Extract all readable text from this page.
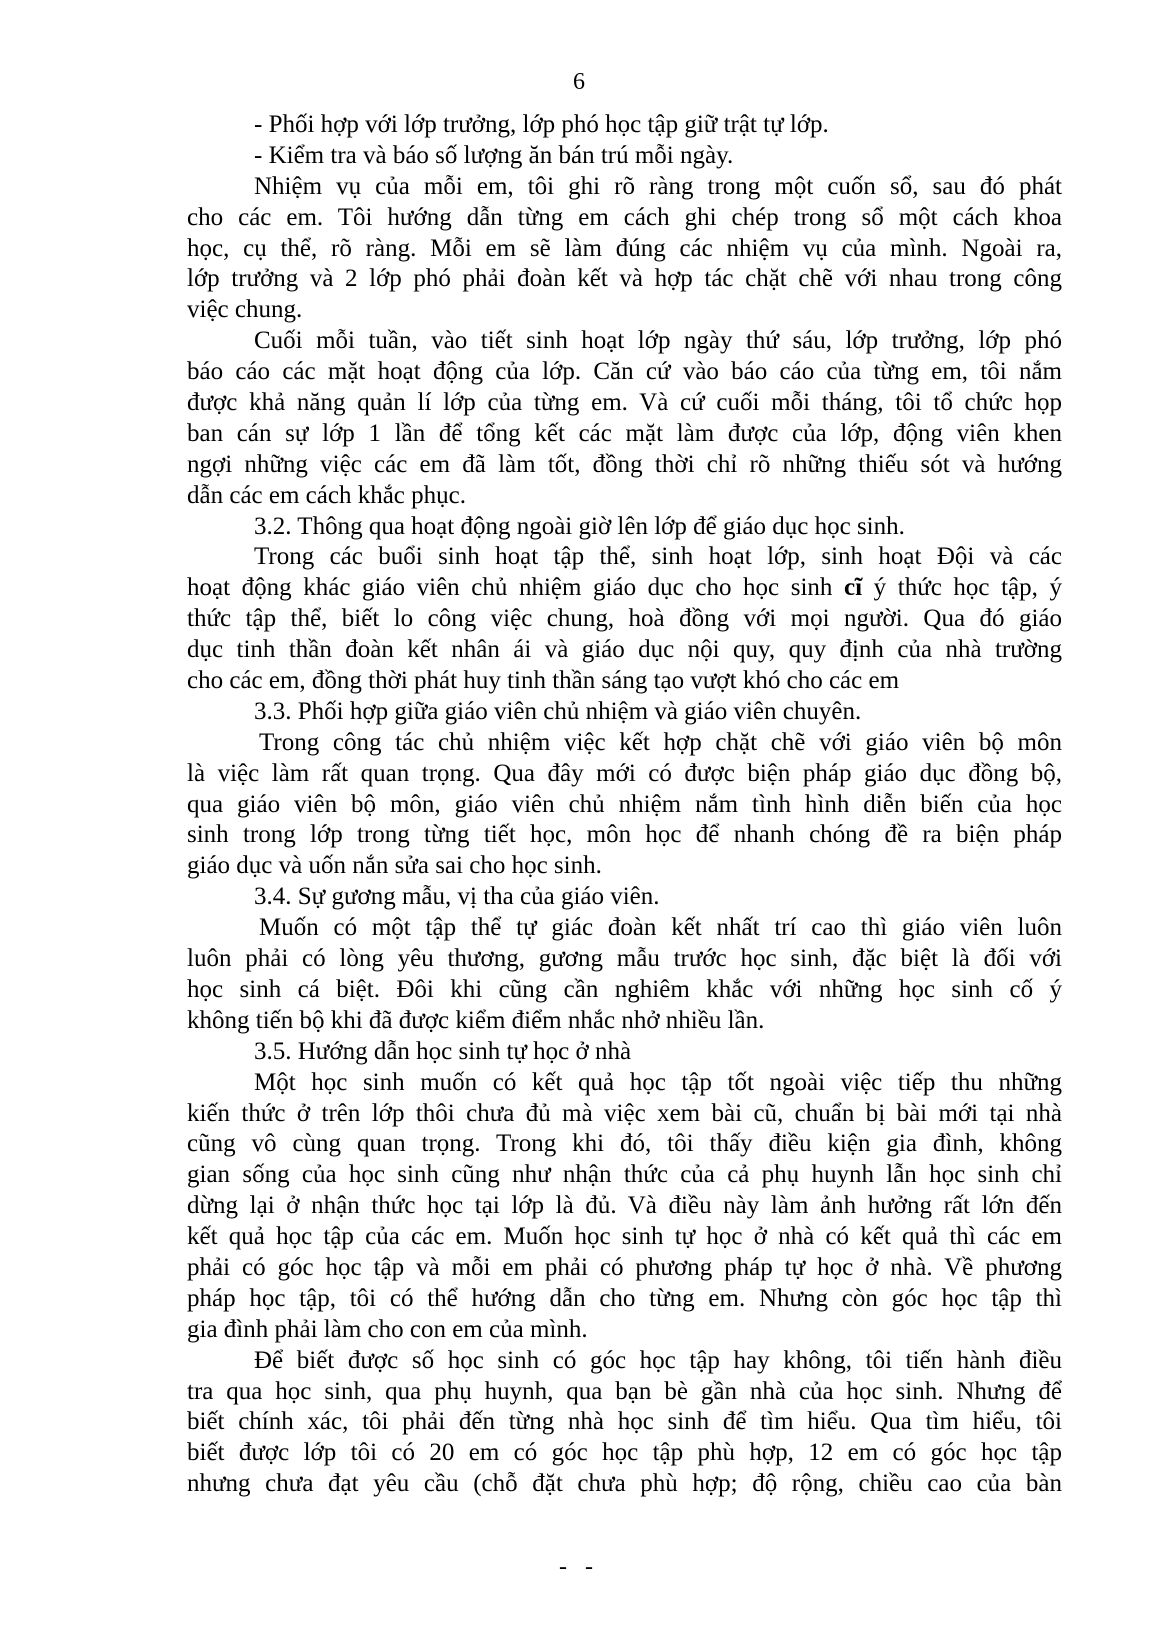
6
- Phối hợp với lớp trưởng, lớp phó học tập giữ trật tự lớp.
- Kiểm tra và báo số lượng ăn bán trú mỗi ngày.
Nhiệm vụ của mỗi em, tôi ghi rõ ràng trong một cuốn sổ, sau đó phát
cho các em. Tôi hướng dẫn từng em cách ghi chép trong sổ một cách khoa
học, cụ thể, rõ ràng. Mỗi em sẽ làm đúng các nhiệm vụ của mình. Ngoài ra,
lớp trưởng và 2 lớp phó phải đoàn kết và hợp tác chặt chẽ với nhau trong công
việc chung.
Cuối mỗi tuần, vào tiết sinh hoạt lớp ngày thứ sáu, lớp trưởng, lớp phó
báo cáo các mặt hoạt động của lớp. Căn cứ vào báo cáo của từng em, tôi nắm
được khả năng quản lí lớp của từng em. Và cứ cuối mỗi tháng, tôi tổ chức họp
ban cán sự lớp 1 lần để tổng kết các mặt làm được của lớp, động viên khen
ngợi những việc các em đã làm tốt, đồng thời chỉ rõ những thiếu sót và hướng
dẫn các em cách khắc phục.
3.2. Thông qua hoạt động ngoài giờ lên lớp để giáo dục học sinh.
Trong các buổi sinh hoạt tập thể, sinh hoạt lớp, sinh hoạt Đội và các
hoạt động khác giáo viên chủ nhiệm giáo dục cho học sinh cĩ ý thức học tập, ý
thức tập thể, biết lo công việc chung, hoà đồng với mọi người. Qua đó giáo
dục tinh thần đoàn kết nhân ái và giáo dục nội quy, quy định của nhà trường
cho các em, đồng thời phát huy tinh thần sáng tạo vượt khó cho các em
3.3. Phối hợp giữa giáo viên chủ nhiệm và giáo viên chuyên.
Trong công tác chủ nhiệm việc kết hợp chặt chẽ với giáo viên bộ môn
là việc làm rất quan trọng. Qua đây mới có được biện pháp giáo dục đồng bộ,
qua giáo viên bộ môn, giáo viên chủ nhiệm nắm tình hình diễn biến của học
sinh trong lớp trong từng tiết học, môn học để nhanh chóng đề ra biện pháp
giáo dục và uốn nắn sửa sai cho học sinh.
3.4. Sự gương mẫu, vị tha của giáo viên.
Muốn có một tập thể tự giác đoàn kết nhất trí cao thì giáo viên luôn
luôn phải có lòng yêu thương, gương mẫu trước học sinh, đặc biệt là đối với
học sinh cá biệt. Đôi khi cũng cần nghiêm khắc với những học sinh cố ý
không tiến bộ khi đã được kiểm điểm nhắc nhở nhiều lần.
3.5. Hướng dẫn học sinh tự học ở nhà
Một học sinh muốn có kết quả học tập tốt ngoài việc tiếp thu những
kiến thức ở trên lớp thôi chưa đủ mà việc xem bài cũ, chuẩn bị bài mới tại nhà
cũng vô cùng quan trọng. Trong khi đó, tôi thấy điều kiện gia đình, không
gian sống của học sinh cũng như nhận thức của cả phụ huynh lẫn học sinh chỉ
dừng lại ở nhận thức học tại lớp là đủ. Và điều này làm ảnh hưởng rất lớn đến
kết quả học tập của các em. Muốn học sinh tự học ở nhà có kết quả thì các em
phải có góc học tập và mỗi em phải có phương pháp tự học ở nhà. Về phương
pháp học tập, tôi có thể hướng dẫn cho từng em. Nhưng còn góc học tập thì
gia đình phải làm cho con em của mình.
Để biết được số học sinh có góc học tập hay không, tôi tiến hành điều
tra qua học sinh, qua phụ huynh, qua bạn bè gần nhà của học sinh. Nhưng để
biết chính xác, tôi phải đến từng nhà học sinh để tìm hiểu. Qua tìm hiểu, tôi
biết được lớp tôi có 20 em có góc học tập phù hợp, 12 em có góc học tập
nhưng chưa đạt yêu cầu (chỗ đặt chưa phù hợp; độ rộng, chiều cao của bàn
- -
